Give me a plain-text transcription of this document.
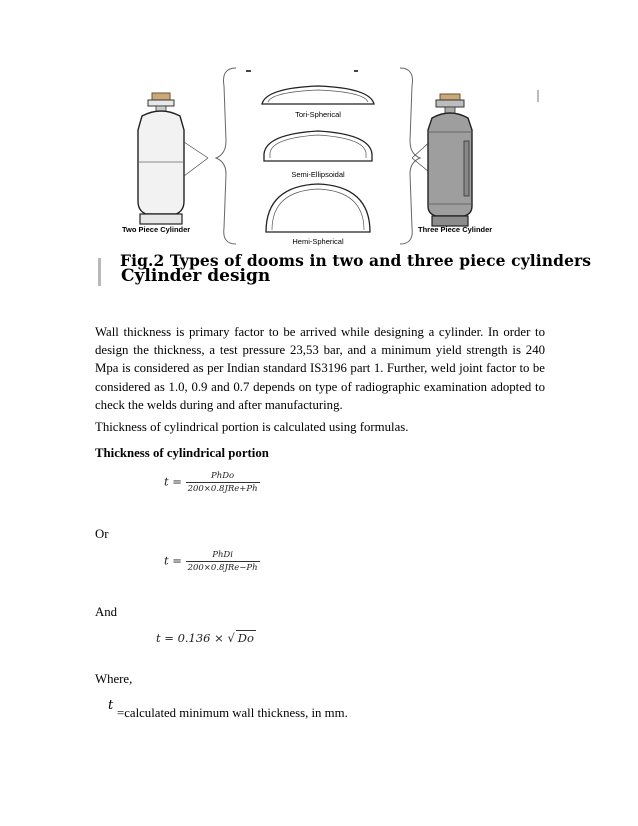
Two Piece Cylinder
Tori-Spherical
Semi-Ellipsoidal
Hemi-Spherical
Three Piece Cylinder
Fig.2 Types of dooms in two and three piece cylinders
Cylinder design

Wall thickness is primary factor to be arrived while designing a cylinder. In order to design the thickness, a test pressure 23,53 bar, and a minimum yield strength is 240 Mpa is considered as per Indian standard IS3196 part 1. Further, weld joint factor to be considered as 1.0, 0.9 and 0.7 depends on type of radiographic examination adopted to check the welds during and after manufacturing.

Thickness of cylindrical portion is calculated using formulas.

Thickness of cylindrical portion
$t = \frac{\text{PhDo}}{\text{200×0.8JRe+Ph}}$
Or
$t = \frac{\text{PhDi}}{\text{200×0.8JRe−Ph}}$
And
t = 0.136 × √ Do
Where,
t =calculated minimum wall thickness, in mm.
